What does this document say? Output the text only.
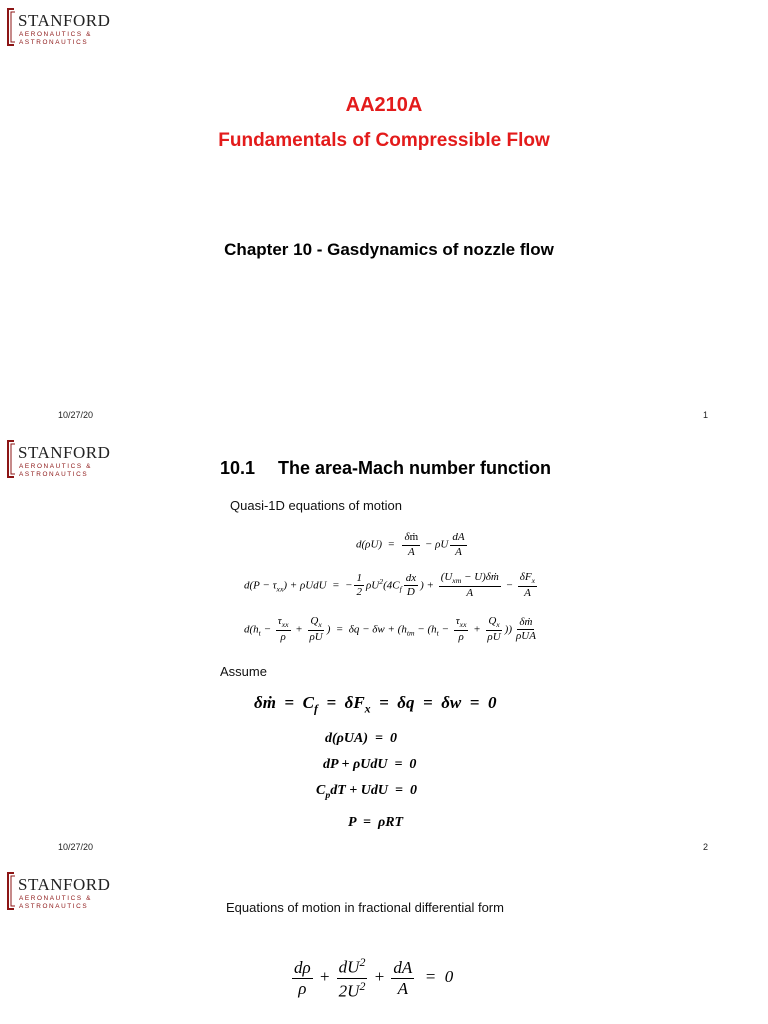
STANFORD
AERONAUTICS &
ASTRONAUTICS
AA210A
Fundamentals of Compressible Flow
Chapter 10 - Gasdynamics of nozzle flow
10/27/20	1
STANFORD
AERONAUTICS &
ASTRONAUTICS	10.1 The area-Mach number function
Quasi-1D equations of motion
$d(\rho U) = \frac{\text{δṁ}}{A} - \rho U \frac{dA}{A}$
$d(P - \tau_{xx}) + \rho UdU$  =  − $\frac{1}{2} \rho U^2(4C_f \frac{dx}{D}$ ) + $\frac{(U_{xm} - U)\delta ṁ}{A} - \frac{\delta F_x}{A}$
$d(h_t - \frac{\tau_{xx}}{\rho} + \frac{Q_x}{\rho U}$ )  =  $\delta q - \delta w + (h_{tm} - (h_t - \frac{\tau_{xx}}{\rho} + \frac{Q_x}{\rho U}$ )) $\frac{\text{δṁ}}{\text{ρUA}}$
Assume
δṁ  =  $C_f = \delta F_x = \delta q = \delta w = 0$
d(ρUA)  =  0
dP + ρUdU  =  0
$C_pdT$ + UdU  =  0
P  =  ρRT
10/27/20	2
STANFORD
AERONAUTICS &
ASTRONAUTICS	Equations of motion in fractional differential form
$\frac{d\rho}{\rho} + \frac{dU^2}{2U^2} + \frac{dA}{A} = 0$
